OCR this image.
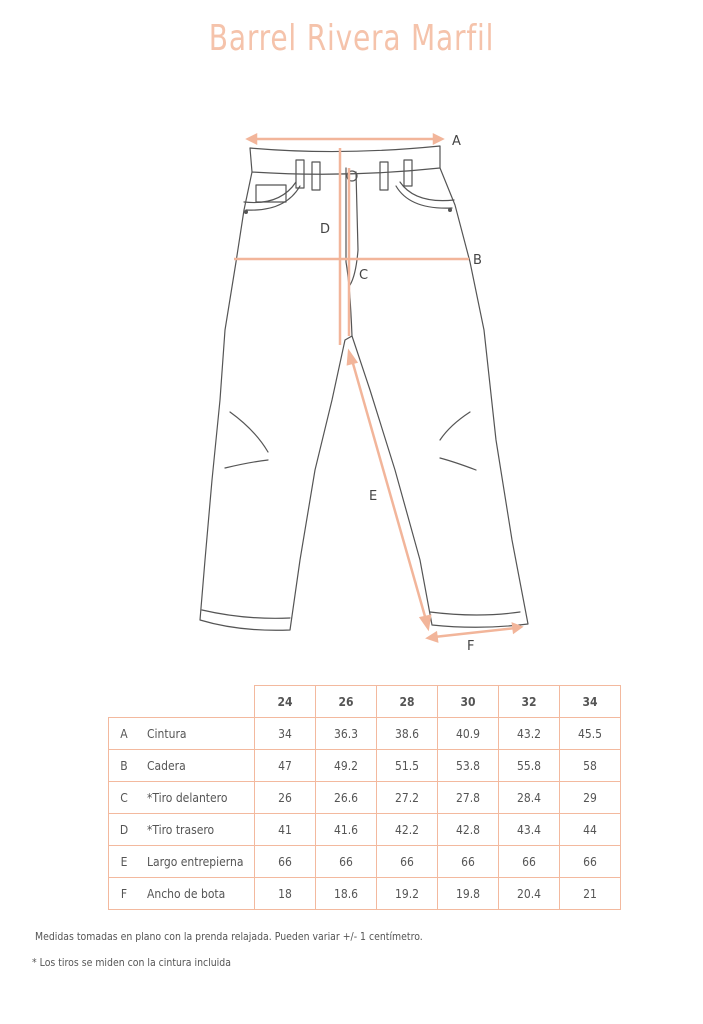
Barrel Rivera Marfil
A
B
C
D
E
F
		24	26	28	30	32	34
A	Cintura	34	36.3	38.6	40.9	43.2	45.5
B	Cadera	47	49.2	51.5	53.8	55.8	58
C	*Tiro delantero	26	26.6	27.2	27.8	28.4	29
D	*Tiro trasero	41	41.6	42.2	42.8	43.4	44
E	Largo entrepierna	66	66	66	66	66	66
F	Ancho de bota	18	18.6	19.2	19.8	20.4	21
Medidas tomadas en plano con la prenda relajada. Pueden variar +/- 1 centímetro.
* Los tiros se miden con la cintura incluida
